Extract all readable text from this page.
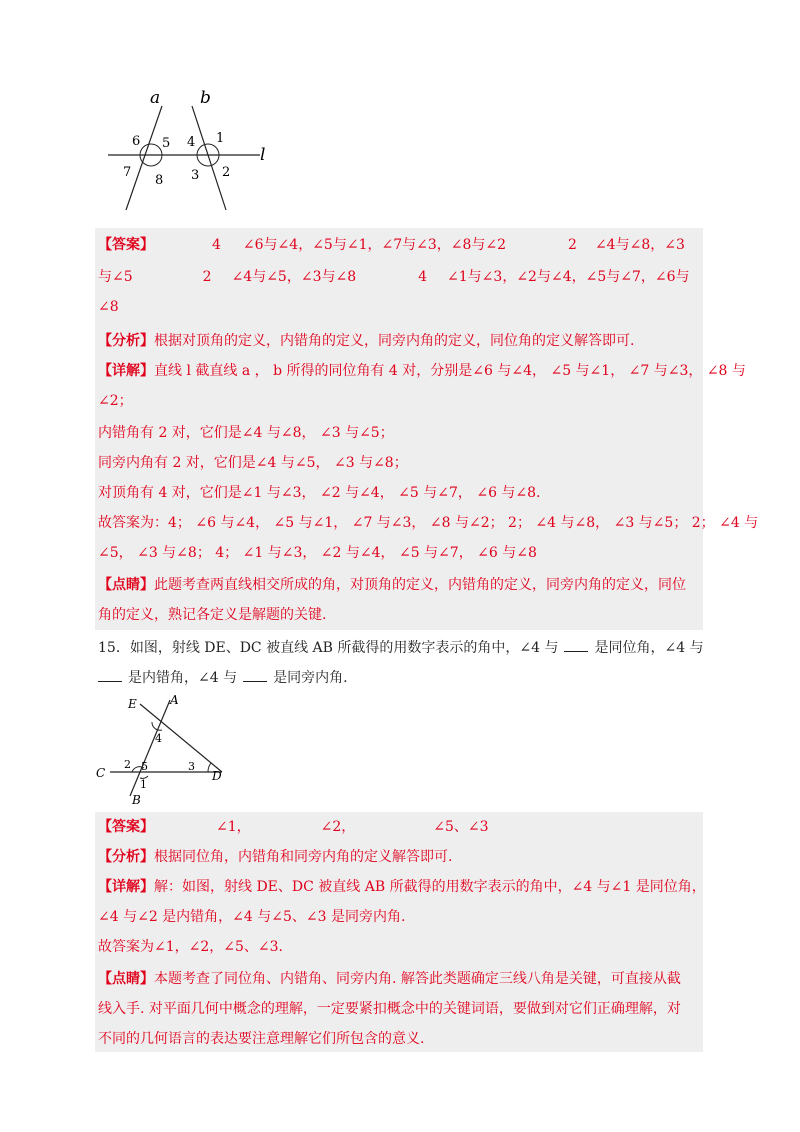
a b
l
6 5
7
8
4 1
3 2
【答案】	4 ∠6与∠4，∠5与∠1，∠7与∠3，∠8与∠2	2 ∠4与∠8，∠3
与∠5	2 ∠4与∠5，∠3与∠8	4 ∠1与∠3，∠2与∠4，∠5与∠7，∠6与
∠8
【分析】根据对顶角的定义，内错角的定义，同旁内角的定义，同位角的定义解答即可.
【详解】直线 l 截直线 a ， b 所得的同位角有 4 对，分别是∠6 与∠4， ∠5 与∠1， ∠7 与∠3， ∠8 与
∠2；
内错角有 2 对，它们是∠4 与∠8， ∠3 与∠5；
同旁内角有 2 对，它们是∠4 与∠5， ∠3 与∠8；
对顶角有 4 对，它们是∠1 与∠3， ∠2 与∠4， ∠5 与∠7， ∠6 与∠8.
故答案为：4； ∠6 与∠4， ∠5 与∠1， ∠7 与∠3， ∠8 与∠2； 2； ∠4 与∠8， ∠3 与∠5； 2； ∠4 与
∠5， ∠3 与∠8； 4； ∠1 与∠3， ∠2 与∠4， ∠5 与∠7， ∠6 与∠8
【点睛】此题考查两直线相交所成的角，对顶角的定义，内错角的定义，同旁内角的定义，同位
角的定义，熟记各定义是解题的关键.
15．如图，射线 DE、DC 被直线 AB 所截得的用数字表示的角中，∠4 与	是同位角，∠4 与
是内错角，∠4 与	是同旁内角.
E	A
C	D
B
4
2 5	3
1
【答案】	∠1，	∠2，	∠5、∠3
【分析】根据同位角，内错角和同旁内角的定义解答即可.
【详解】解：如图，射线 DE、DC 被直线 AB 所截得的用数字表示的角中，∠4 与∠1 是同位角，
∠4 与∠2 是内错角，∠4 与∠5、∠3 是同旁内角.
故答案为∠1，∠2，∠5、∠3.
【点睛】本题考查了同位角、内错角、同旁内角. 解答此类题确定三线八角是关键，可直接从截
线入手. 对平面几何中概念的理解，一定要紧扣概念中的关键词语，要做到对它们正确理解，对
不同的几何语言的表达要注意理解它们所包含的意义.
